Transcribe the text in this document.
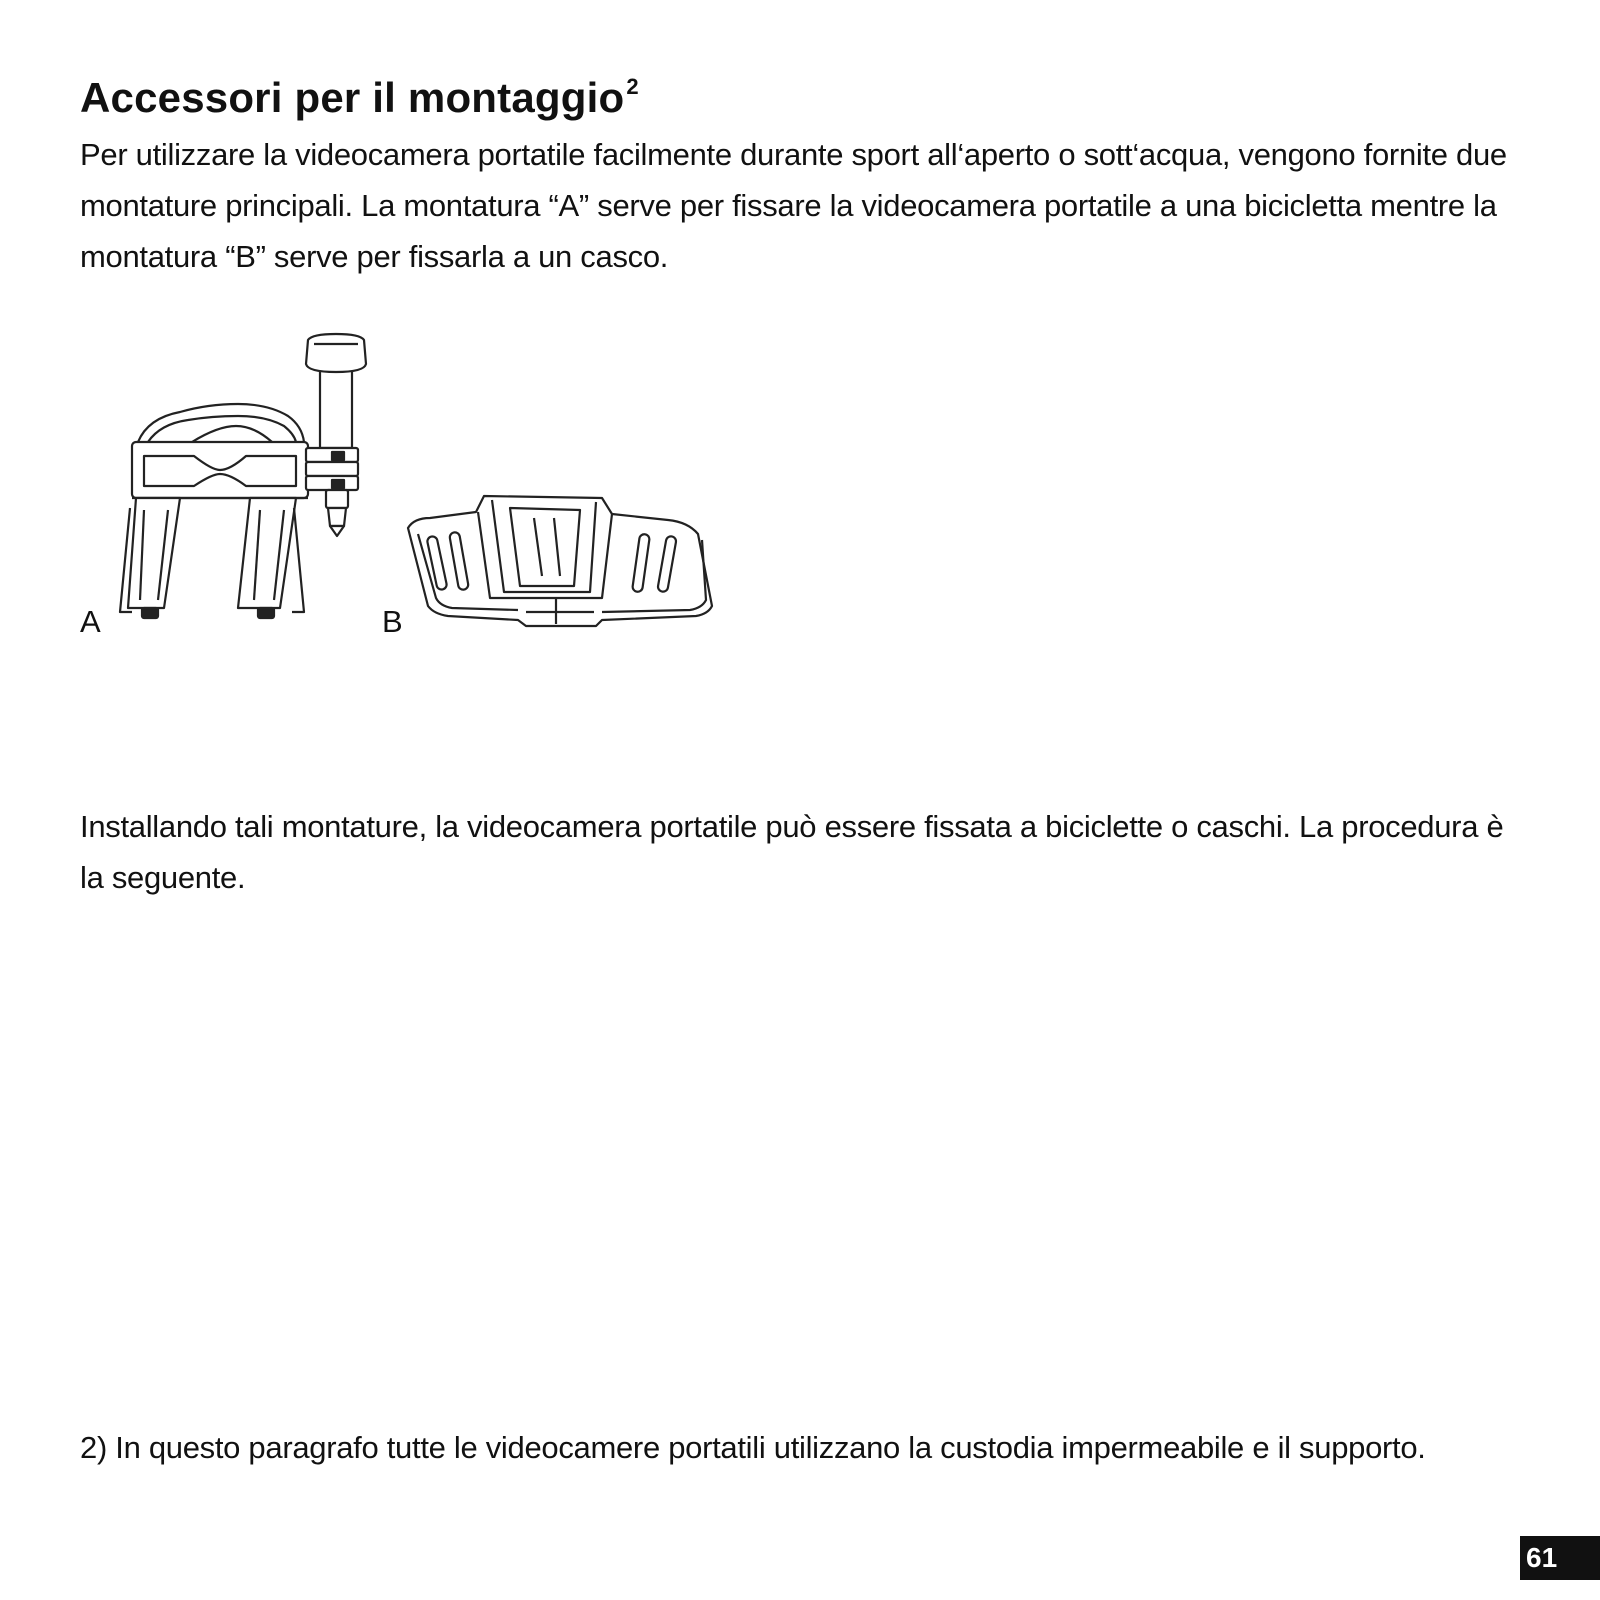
Accessori per il montaggio$^2$

Per utilizzare la videocamera portatile facilmente durante sport all‘aperto o sott‘acqua, vengono fornite due montature principali. La montatura “A” serve per fissare la videocamera portatile a una bicicletta mentre la montatura “B” serve per fissarla a un casco.

A	B

Installando tali montature, la videocamera portatile può essere fissata a biciclette o caschi. La procedura è la seguente.

2) In questo paragrafo tutte le videocamere portatili utilizzano la custodia impermeabile e il supporto.

61
